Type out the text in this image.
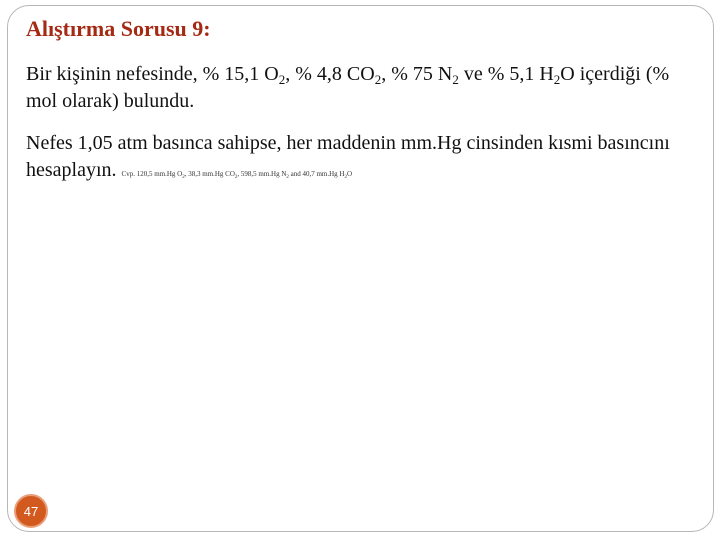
Alıştırma Sorusu 9:
Bir kişinin nefesinde, % 15,1 $O_2$, % 4,8 $CO_2$, % 75 $N_2$ ve % 5,1 $H_2O$ içerdiği (% mol olarak) bulundu.
Nefes 1,05 atm basınca sahipse, her maddenin mm.Hg cinsinden kısmi basıncını hesaplayın. Cvp. 120,5 mm.Hg $O_2$, 38,3 mm.Hg $CO_2$, 598,5 mm.Hg $N_2$ and 40,7 mm.Hg $H_2O$
47
